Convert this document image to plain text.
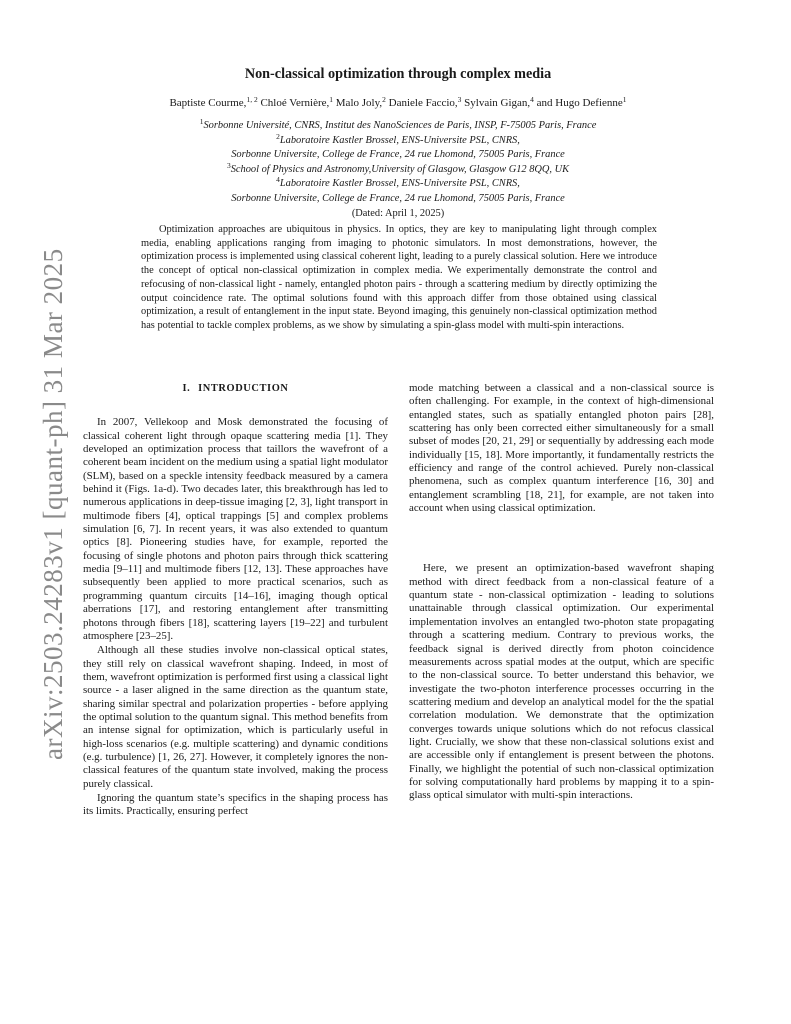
arXiv:2503.24283v1 [quant-ph] 31 Mar 2025
Non-classical optimization through complex media
Baptiste Courme,$^{1, 2}$ Chloé Vernière,$^1$ Malo Joly,$^2$ Daniele Faccio,$^3$ Sylvain Gigan,$^4$ and Hugo Defienne$^1$
$^1$Sorbonne Université, CNRS, Institut des NanoSciences de Paris, INSP, F-75005 Paris, France
$^2$Laboratoire Kastler Brossel, ENS-Universite PSL, CNRS,
Sorbonne Universite, College de France, 24 rue Lhomond, 75005 Paris, France
$^3$School of Physics and Astronomy,University of Glasgow, Glasgow G12 8QQ, UK
$^4$Laboratoire Kastler Brossel, ENS-Universite PSL, CNRS,
Sorbonne Universite, College de France, 24 rue Lhomond, 75005 Paris, France
(Dated: April 1, 2025)
Optimization approaches are ubiquitous in physics. In optics, they are key to manipulating light through complex media, enabling applications ranging from imaging to photonic simulators. In most demonstrations, however, the optimization process is implemented using classical coherent light, leading to a purely classical solution. Here we introduce the concept of optical non-classical optimization in complex media. We experimentally demonstrate the control and refocusing of non-classical light - namely, entangled photon pairs - through a scattering medium by directly optimizing the output coincidence rate. The optimal solutions found with this approach differ from those obtained using classical optimization, a result of entanglement in the input state. Beyond imaging, this genuinely non-classical optimization method has potential to tackle complex problems, as we show by simulating a spin-glass model with multi-spin interactions.
I. INTRODUCTION

In 2007, Vellekoop and Mosk demonstrated the focusing of classical coherent light through opaque scattering media [1]. They developed an optimization process that taillors the wavefront of a coherent beam incident on the medium using a spatial light modulator (SLM), based on a speckle intensity feedback measured by a camera behind it (Figs. 1a-d). Two decades later, this breakthrough has led to numerous applications in deep-tissue imaging [2, 3], light transport in multimode fibers [4], optical trappings [5] and complex problems simulation [6, 7]. In recent years, it was also extended to quantum optics [8]. Pioneering studies have, for example, reported the focusing of single photons and photon pairs through thick scattering media [9–11] and multimode fibers [12, 13]. These approaches have subsequently been applied to more practical scenarios, such as programming quantum circuits [14–16], imaging though optical aberrations [17], and restoring entanglement after transmitting photons through fibers [18], scattering layers [19–22] and turbulent atmosphere [23–25].

Although all these studies involve non-classical optical states, they still rely on classical wavefront shaping. Indeed, in most of them, wavefront optimization is performed first using a classical light source - a laser aligned in the same direction as the quantum state, sharing similar spectral and polarization properties - before applying the optimal solution to the quantum signal. This method benefits from an intense signal for optimization, which is particularly useful in high-loss scenarios (e.g. multiple scattering) and dynamic conditions (e.g. turbulence) [1, 26, 27]. However, it completely ignores the non-classical features of the quantum state involved, making the process purely classical.

Ignoring the quantum state’s specifics in the shaping process has its limits. Practically, ensuring perfect

mode matching between a classical and a non-classical source is often challenging. For example, in the context of high-dimensional entangled states, such as spatially entangled photon pairs [28], scattering has only been corrected either simultaneously for a small subset of modes [20, 21, 29] or sequentially by addressing each mode individually [15, 18]. More importantly, it fundamentally restricts the efficiency and range of the control achieved. Purely non-classical phenomena, such as complex quantum interference [16, 30] and entanglement scrambling [18, 21], for example, are not taken into account when using classical optimization.

Here, we present an optimization-based wavefront shaping method with direct feedback from a non-classical feature of a quantum state - non-classical optimization - leading to solutions unattainable through classical optimization. Our experimental implementation involves an entangled two-photon state propagating through a scattering medium. Contrary to previous works, the feedback signal is derived directly from photon coincidence measurements across spatial modes at the output, which are specific to the non-classical source. To better understand this behavior, we investigate the two-photon interference processes occurring in the scattering medium and develop an analytical model for the the spatial correlation modulation. We demonstrate that the optimization converges towards unique solutions which do not refocus classical light. Crucially, we show that these non-classical solutions exist and are accessible only if entanglement is present between the photons. Finally, we highlight the potential of such non-classical optimization for solving computationally hard problems by mapping it to a spin-glass optical simulator with multi-spin interactions.
